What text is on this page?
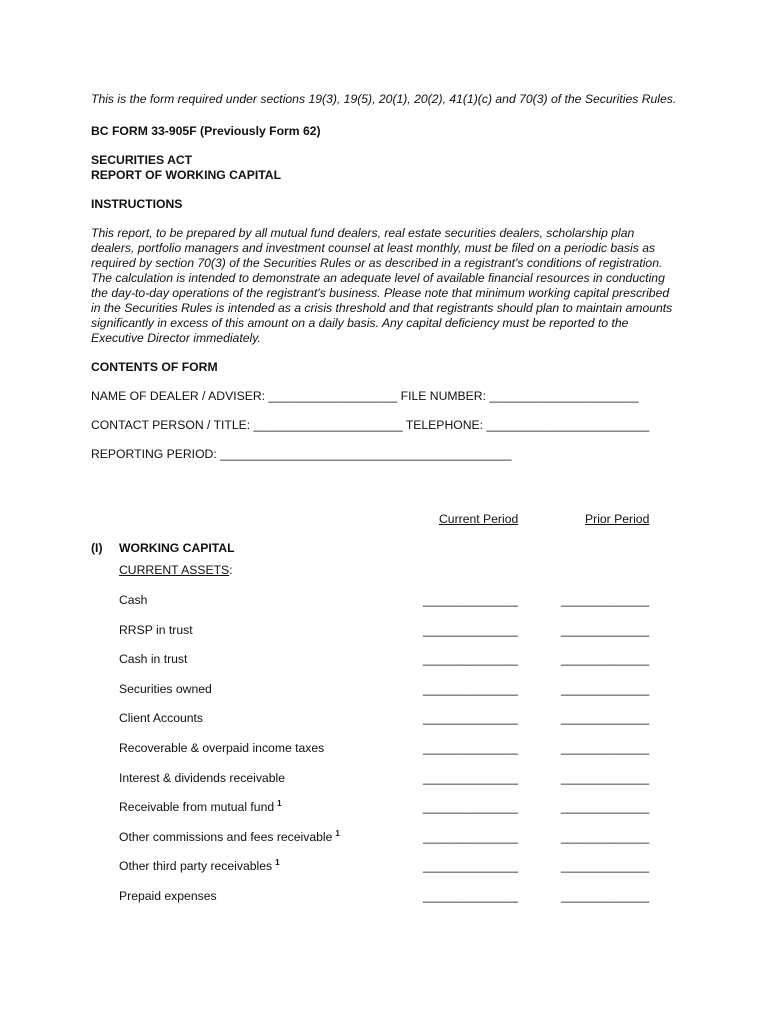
This is the form required under sections 19(3), 19(5), 20(1), 20(2), 41(1)(c) and 70(3) of the Securities Rules.

BC FORM 33-905F (Previously Form 62)
SECURITIES ACT
REPORT OF WORKING CAPITAL
INSTRUCTIONS

This report, to be prepared by all mutual fund dealers, real estate securities dealers, scholarship plan dealers, portfolio managers and investment counsel at least monthly, must be filed on a periodic basis as required by section 70(3) of the Securities Rules or as described in a registrant's conditions of registration. The calculation is intended to demonstrate an adequate level of available financial resources in conducting the day-to-day operations of the registrant's business. Please note that minimum working capital prescribed in the Securities Rules is intended as a crisis threshold and that registrants should plan to maintain amounts significantly in excess of this amount on a daily basis. Any capital deficiency must be reported to the Executive Director immediately.

CONTENTS OF FORM
NAME OF DEALER / ADVISER: ___________________ FILE NUMBER: ______________________
CONTACT PERSON / TITLE: ______________________ TELEPHONE: ________________________
REPORTING PERIOD: ___________________________________________
Current Period	Prior Period
(I) WORKING CAPITAL
CURRENT ASSETS:
Cash	______________	_____________
RRSP in trust	______________	_____________
Cash in trust	______________	_____________
Securities owned	______________	_____________
Client Accounts	______________	_____________
Recoverable & overpaid income taxes	______________	_____________
Interest & dividends receivable	______________	_____________
Receivable from mutual fund $^1$	______________	_____________
Other commissions and fees receivable $^1$	______________	_____________
Other third party receivables $^1$	______________	_____________
Prepaid expenses	______________	_____________
